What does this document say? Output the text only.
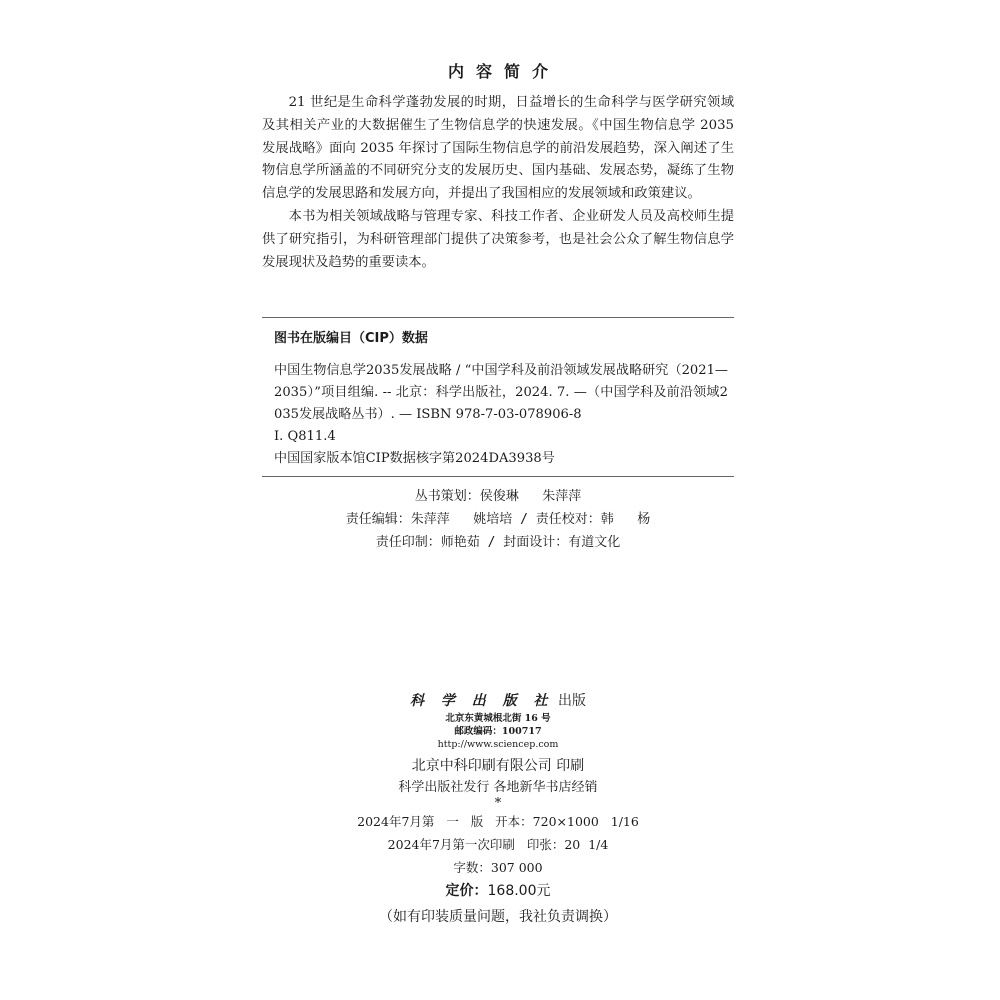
内容简介

21 世纪是生命科学蓬勃发展的时期，日益增长的生命科学与医学研究领域及其相关产业的大数据催生了生物信息学的快速发展。《中国生物信息学 2035 发展战略》面向 2035 年探讨了国际生物信息学的前沿发展趋势，深入阐述了生物信息学所涵盖的不同研究分支的发展历史、国内基础、发展态势，凝练了生物信息学的发展思路和发展方向，并提出了我国相应的发展领域和政策建议。

本书为相关领域战略与管理专家、科技工作者、企业研发人员及高校师生提供了研究指引，为科研管理部门提供了决策参考，也是社会公众了解生物信息学发展现状及趋势的重要读本。

图书在版编目（CIP）数据
中国生物信息学2035发展战略 / “中国学科及前沿领域发展战略研究（2021—2035）”项目组编. -- 北京：科学出版社，2024. 7. —（中国学科及前沿领域2035发展战略丛书）. — ISBN 978-7-03-078906-8
Ⅰ. Q811.4
中国国家版本馆CIP数据核字第2024DA3938号
丛书策划：侯俊琳   朱萍萍
责任编辑：朱萍萍   姚培培 / 责任校对：韩   杨
责任印制：师艳茹 / 封面设计：有道文化
科 学 出 版 社 出版
北京东黄城根北街 16 号
邮政编码：100717
http://www.sciencep.com
北京中科印刷有限公司 印刷
科学出版社发行 各地新华书店经销
*
2024年7月第   一   版   开本：720×1000   1/16
2024年7月第一次印刷   印张：20  1/4
字数：307 000
定价：168.00元
（如有印装质量问题，我社负责调换）
